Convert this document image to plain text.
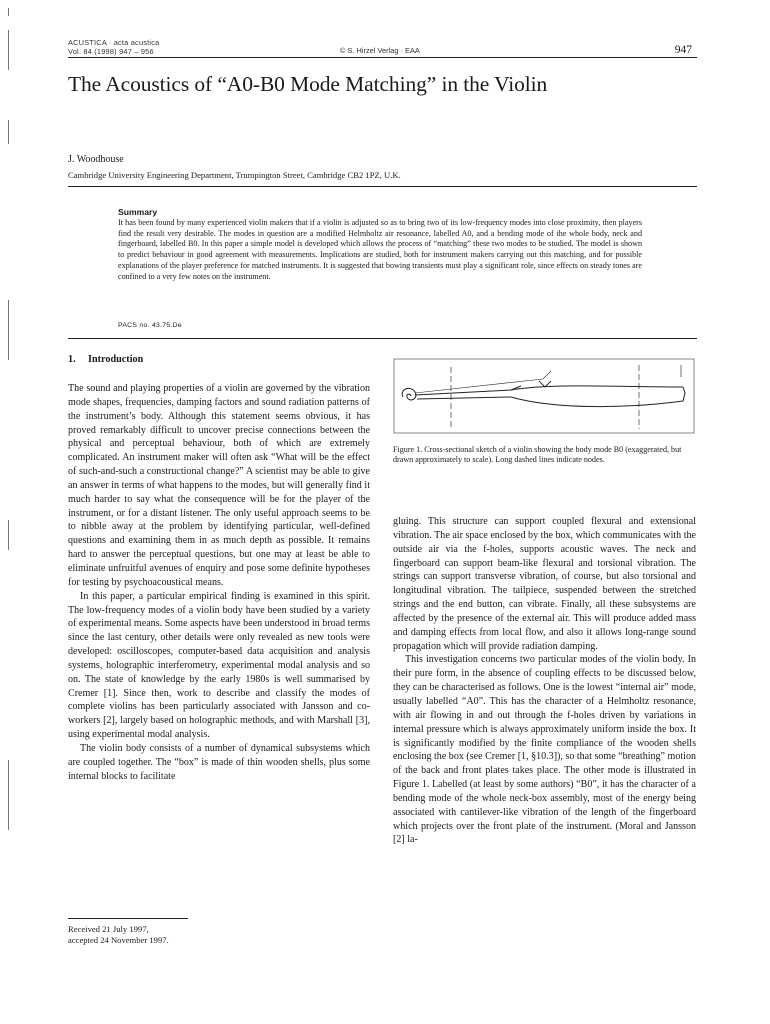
ACUSTICA · acta acustica
Vol. 84 (1998) 947 – 956	© S. Hirzel Verlag · EAA	947
The Acoustics of “A0-B0 Mode Matching” in the Violin
J. Woodhouse
Cambridge University Engineering Department, Trumpington Street, Cambridge CB2 1PZ, U.K.
Summary
It has been found by many experienced violin makers that if a violin is adjusted so as to bring two of its low-frequency modes into close proximity, then players find the result very desirable. The modes in question are a modified Helmholtz air resonance, labelled A0, and a bending mode of the whole body, neck and fingerboard, labelled B0. In this paper a simple model is developed which allows the process of “matching” these two modes to be studied. The model is shown to predict behaviour in good agreement with measurements. Implications are studied, both for instrument makers carrying out this matching, and for possible explanations of the player preference for matched instruments. It is suggested that bowing transients must play a significant role, since effects on steady tones are confined to a very few notes on the instrument.
PACS no. 43.75.De
1. Introduction

The sound and playing properties of a violin are governed by the vibration mode shapes, frequencies, damping factors and sound radiation patterns of the instrument’s body. Although this statement seems obvious, it has proved remarkably difficult to uncover precise connections between the physical and perceptual behaviour, both of which are extremely complicated. An instrument maker will often ask “What will be the effect of such-and-such a constructional change?” A scientist may be able to give an answer in terms of what happens to the modes, but will generally find it much harder to say what the consequence will be for the player of the instrument, or for a distant listener. The only useful approach seems to be to nibble away at the problem by identifying particular, well-defined questions and examining them in as much depth as possible. It remains hard to answer the perceptual questions, but one may at least be able to eliminate unfruitful avenues of enquiry and pose some definite hypotheses for testing by psychoacoustical means.

In this paper, a particular empirical finding is examined in this spirit. The low-frequency modes of a violin body have been studied by a variety of experimental means. Some aspects have been understood in broad terms since the last century, other details were only revealed as new tools were developed: oscilloscopes, computer-based data acquisition and analysis systems, holographic interferometry, experimental modal analysis and so on. The state of knowledge by the early 1980s is well summarised by Cremer [1]. Since then, work to describe and classify the modes of complete violins has been particularly associated with Jansson and co-workers [2], largely based on holographic methods, and with Marshall [3], using experimental modal analysis.

The violin body consists of a number of dynamical subsystems which are coupled together. The “box” is made of thin wooden shells, plus some internal blocks to facilitate

Figure 1. Cross-sectional sketch of a violin showing the body mode B0 (exaggerated, but drawn approximately to scale). Long dashed lines indicate nodes.

gluing. This structure can support coupled flexural and extensional vibration. The air space enclosed by the box, which communicates with the outside air via the f-holes, supports acoustic waves. The neck and fingerboard can support beam-like flexural and torsional vibration. The strings can support transverse vibration, of course, but also torsional and longitudinal vibration. The tailpiece, suspended between the stretched strings and the end button, can vibrate. Finally, all these subsystems are affected by the presence of the external air. This will produce added mass and damping effects from local flow, and also it allows long-range sound propagation which will provide radiation damping.

This investigation concerns two particular modes of the violin body. In their pure form, in the absence of coupling effects to be discussed below, they can be characterised as follows. One is the lowest “internal air” mode, usually labelled “A0”. This has the character of a Helmholtz resonance, with air flowing in and out through the f-holes driven by variations in internal pressure which is always approximately uniform inside the box. It is significantly modified by the finite compliance of the wooden shells enclosing the box (see Cremer [1, §10.3]), so that some “breathing” motion of the back and front plates takes place. The other mode is illustrated in Figure 1. Labelled (at least by some authors) “B0”, it has the character of a bending mode of the whole neck-box assembly, most of the energy being associated with cantilever-like vibration of the length of the fingerboard which projects over the front plate of the instrument. (Moral and Jansson [2] la-

Received 21 July 1997,
accepted 24 November 1997.
